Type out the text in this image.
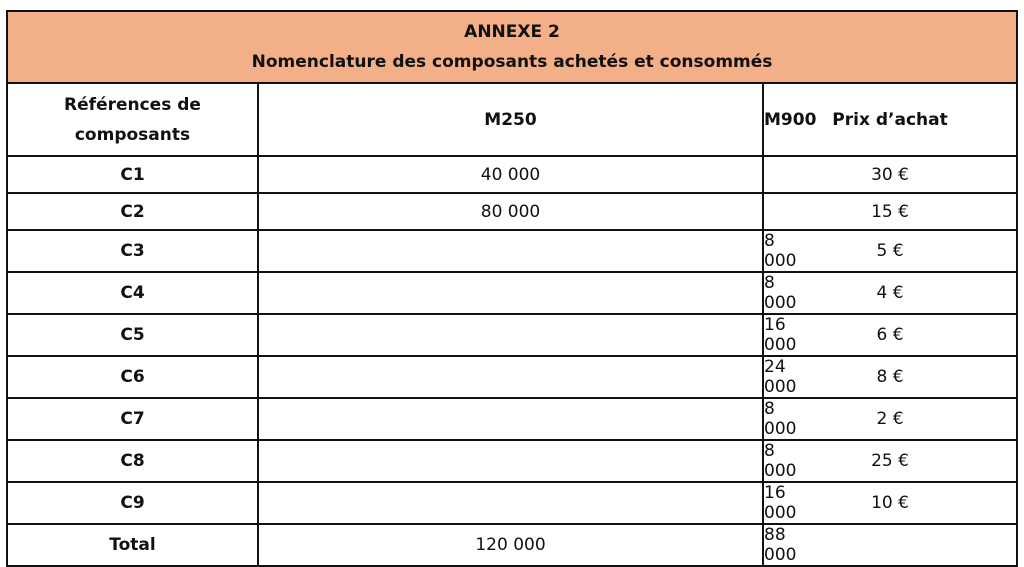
ANNEXE 2
Nomenclature des composants achetés et consommés		

Références de composants	M250	M900	Prix d’achat
C1	40 000		30 €
C2	80 000		15 €
C3		8 000	5 €
C4		8 000	4 €
C5		16 000	6 €
C6		24 000	8 €
C7		8 000	2 €
C8		8 000	25 €
C9		16 000	10 €
Total	120 000	88 000	
